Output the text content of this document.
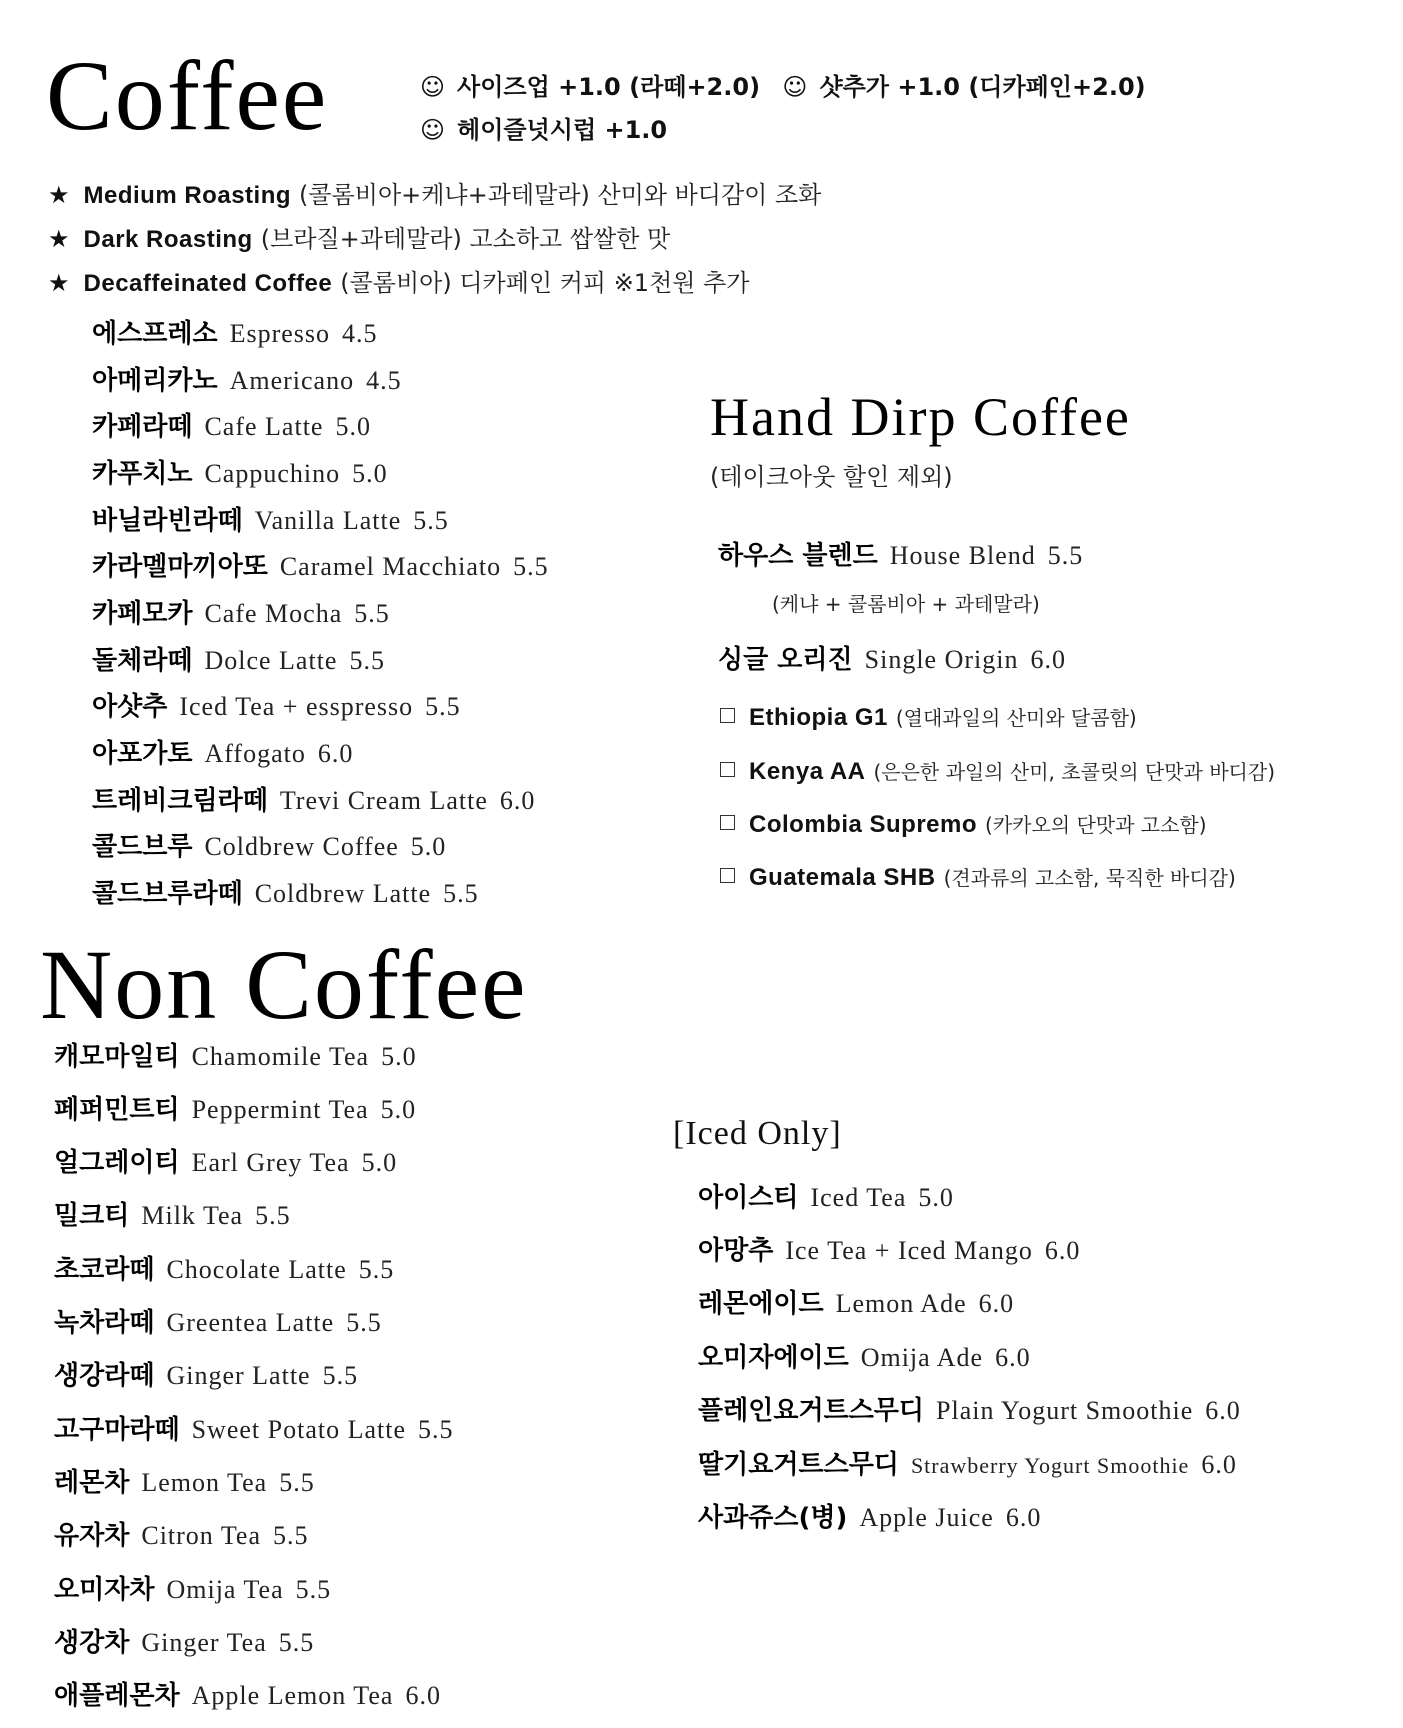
Coffee	☺ 사이즈업 +1.0 (라떼+2.0) ☺ 샷추가 +1.0 (디카페인+2.0)
☺ 헤이즐넛시럽 +1.0
★ Medium Roasting (콜롬비아+케냐+과테말라) 산미와 바디감이 조화
★ Dark Roasting (브라질+과테말라) 고소하고 쌉쌀한 맛
★ Decaffeinated Coffee (콜롬비아) 디카페인 커피 ※1천원 추가
에스프레소 Espresso 4.5
아메리카노 Americano 4.5
카페라떼 Cafe Latte 5.0
카푸치노 Cappuchino 5.0
바닐라빈라떼 Vanilla Latte 5.5
카라멜마끼아또 Caramel Macchiato 5.5
카페모카 Cafe Mocha 5.5
돌체라떼 Dolce Latte 5.5
아샷추 Iced Tea + esspresso 5.5
아포가토 Affogato 6.0
트레비크림라떼 Trevi Cream Latte 6.0
콜드브루 Coldbrew Coffee 5.0
콜드브루라떼 Coldbrew Latte 5.5
Hand Dirp Coffee
(테이크아웃 할인 제외)
하우스 블렌드 House Blend 5.5
(케냐 + 콜롬비아 + 과테말라)
싱글 오리진 Single Origin 6.0
Ethiopia G1 (열대과일의 산미와 달콤함)
Kenya AA (은은한 과일의 산미, 초콜릿의 단맛과 바디감)
Colombia Supremo (카카오의 단맛과 고소함)
Guatemala SHB (견과류의 고소함, 묵직한 바디감)
Non Coffee
캐모마일티 Chamomile Tea 5.0
페퍼민트티 Peppermint Tea 5.0
얼그레이티 Earl Grey Tea 5.0
밀크티 Milk Tea 5.5
초코라떼 Chocolate Latte 5.5
녹차라떼 Greentea Latte 5.5
생강라떼 Ginger Latte 5.5
고구마라떼 Sweet Potato Latte 5.5
레몬차 Lemon Tea 5.5
유자차 Citron Tea 5.5
오미자차 Omija Tea 5.5
생강차 Ginger Tea 5.5
애플레몬차 Apple Lemon Tea 6.0
[Iced Only]
아이스티 Iced Tea 5.0
아망추 Ice Tea + Iced Mango 6.0
레몬에이드 Lemon Ade 6.0
오미자에이드 Omija Ade 6.0
플레인요거트스무디 Plain Yogurt Smoothie 6.0
딸기요거트스무디 Strawberry Yogurt Smoothie 6.0
사과쥬스(병) Apple Juice 6.0
